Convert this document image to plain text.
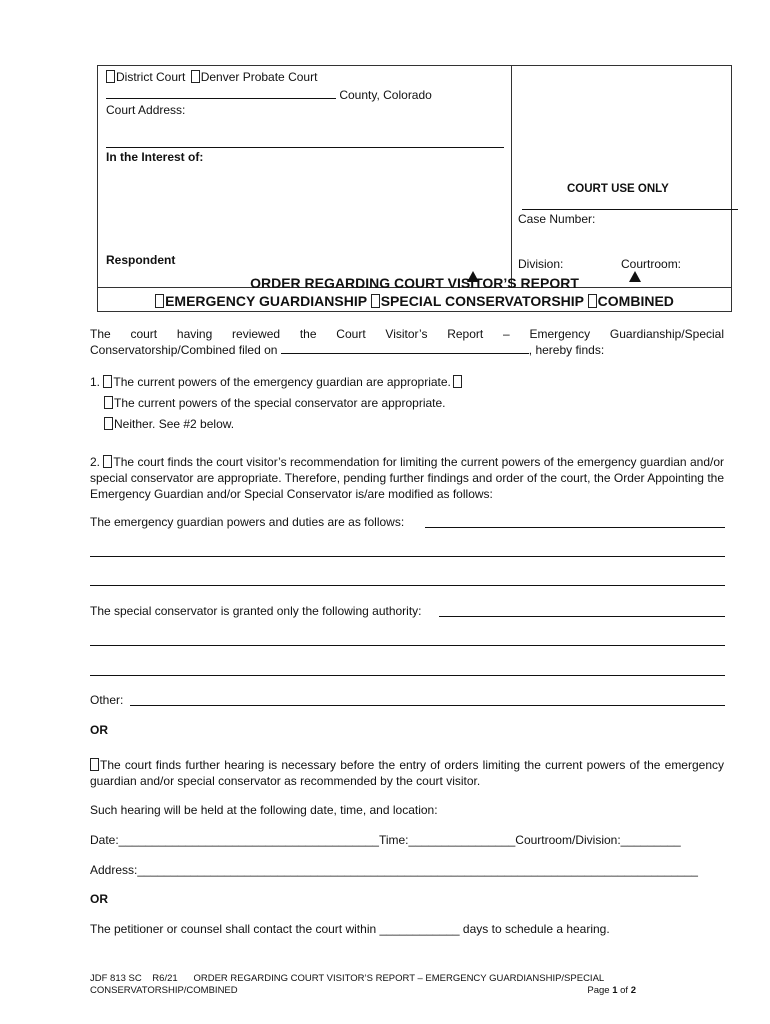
District Court Denver Probate Court
County, Colorado
Court Address:
In the Interest of:
Respondent
COURT USE ONLY
Case Number:
Division:	Courtroom:
ORDER REGARDING COURT VISITOR’S REPORT
EMERGENCY GUARDIANSHIP SPECIAL CONSERVATORSHIP COMBINED
The court having reviewed the Court Visitor’s Report – Emergency Guardianship/Special
Conservatorship/Combined filed on	, hereby finds:
1. The current powers of the emergency guardian are appropriate.
The current powers of the special conservator are appropriate.
Neither. See #2 below.
2. The court finds the court visitor’s recommendation for limiting the current powers of the emergency guardian and/or special conservator are appropriate. Therefore, pending further findings and order of the court, the Order Appointing the Emergency Guardian and/or Special Conservator is/are modified as follows:
The emergency guardian powers and duties are as follows:
The special conservator is granted only the following authority:
Other:
OR
The court finds further hearing is necessary before the entry of orders limiting the current powers of the emergency guardian and/or special conservator as recommended by the court visitor.
Such hearing will be held at the following date, time, and location:
Date:_______________________________________Time:________________Courtroom/Division:_________
Address:____________________________________________________________________________________
OR
The petitioner or counsel shall contact the court within ____________ days to schedule a hearing.
JDF 813 SC    R6/21      ORDER REGARDING COURT VISITOR’S REPORT – EMERGENCY GUARDIANSHIP/SPECIAL
CONSERVATORSHIP/COMBINED	Page 1 of 2
